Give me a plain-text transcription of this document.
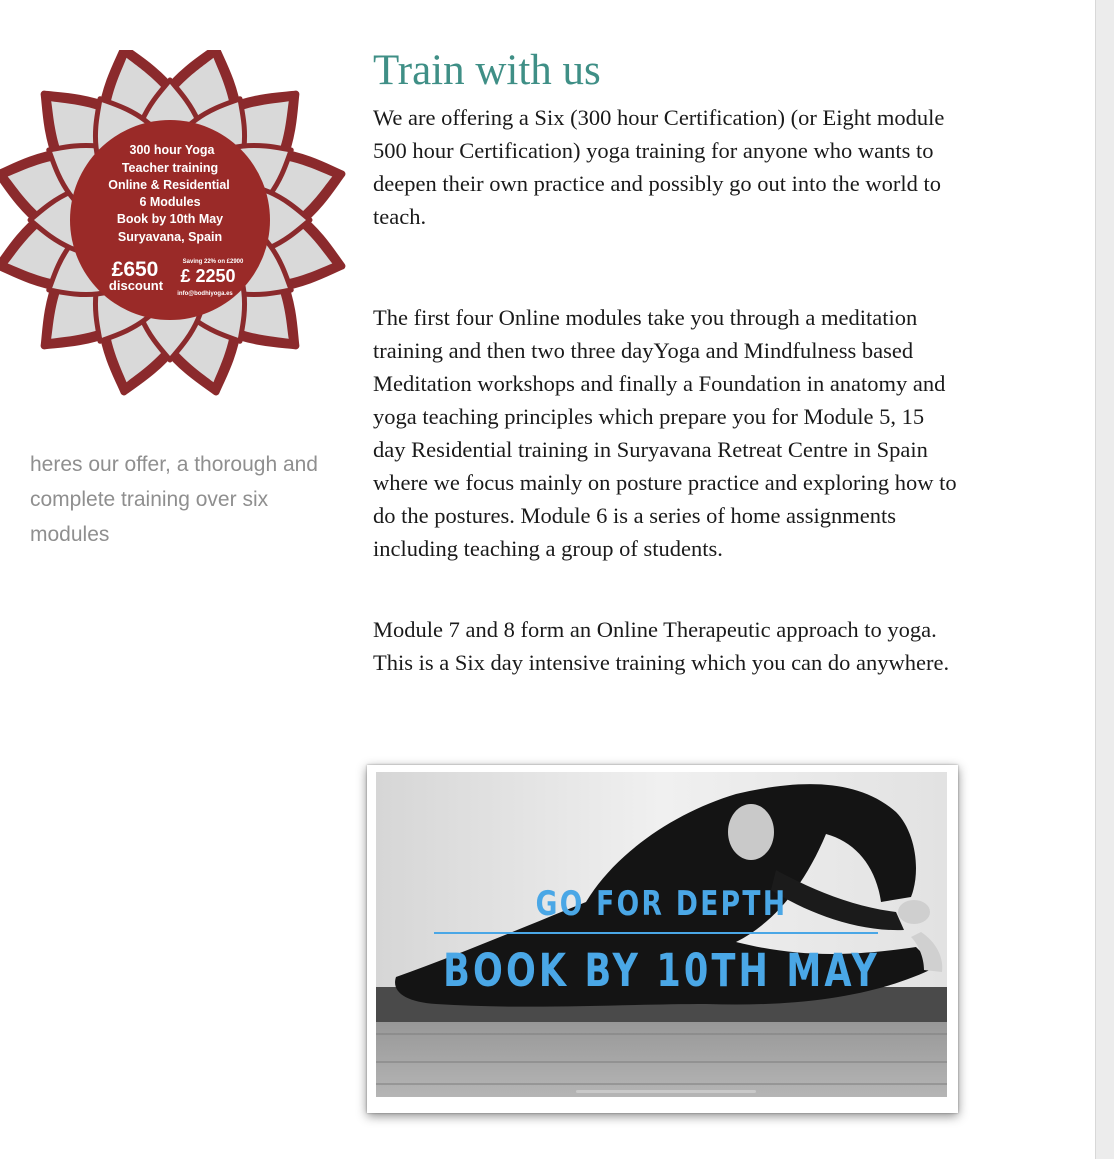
300 hour Yoga
Teacher training
Online & Residential
6 Modules
Book by 10th May
Suryavana, Spain
£650
discount
Saving 22% on £2900
£ 2250
info@bodhiyoga.es
heres our offer, a thorough and complete training over six modules
Train with us

We are offering a Six (300 hour Certification) (or Eight module 500 hour Certification) yoga training for anyone who wants to deepen their own practice and possibly go out into the world to teach.

The first four Online modules take you through a meditation training and then two three dayYoga and Mindfulness based Meditation workshops and finally a Foundation in anatomy and yoga teaching principles which prepare you for Module 5, 15 day Residential training in Suryavana Retreat Centre in Spain where we focus mainly on posture practice and exploring how to do the postures. Module 6 is a series of home assignments including teaching a group of students.

Module 7 and 8 form an Online Therapeutic approach to yoga. This is a Six day intensive training which you can do anywhere.

GO FOR DEPTH
BOOK BY 10TH MAY
